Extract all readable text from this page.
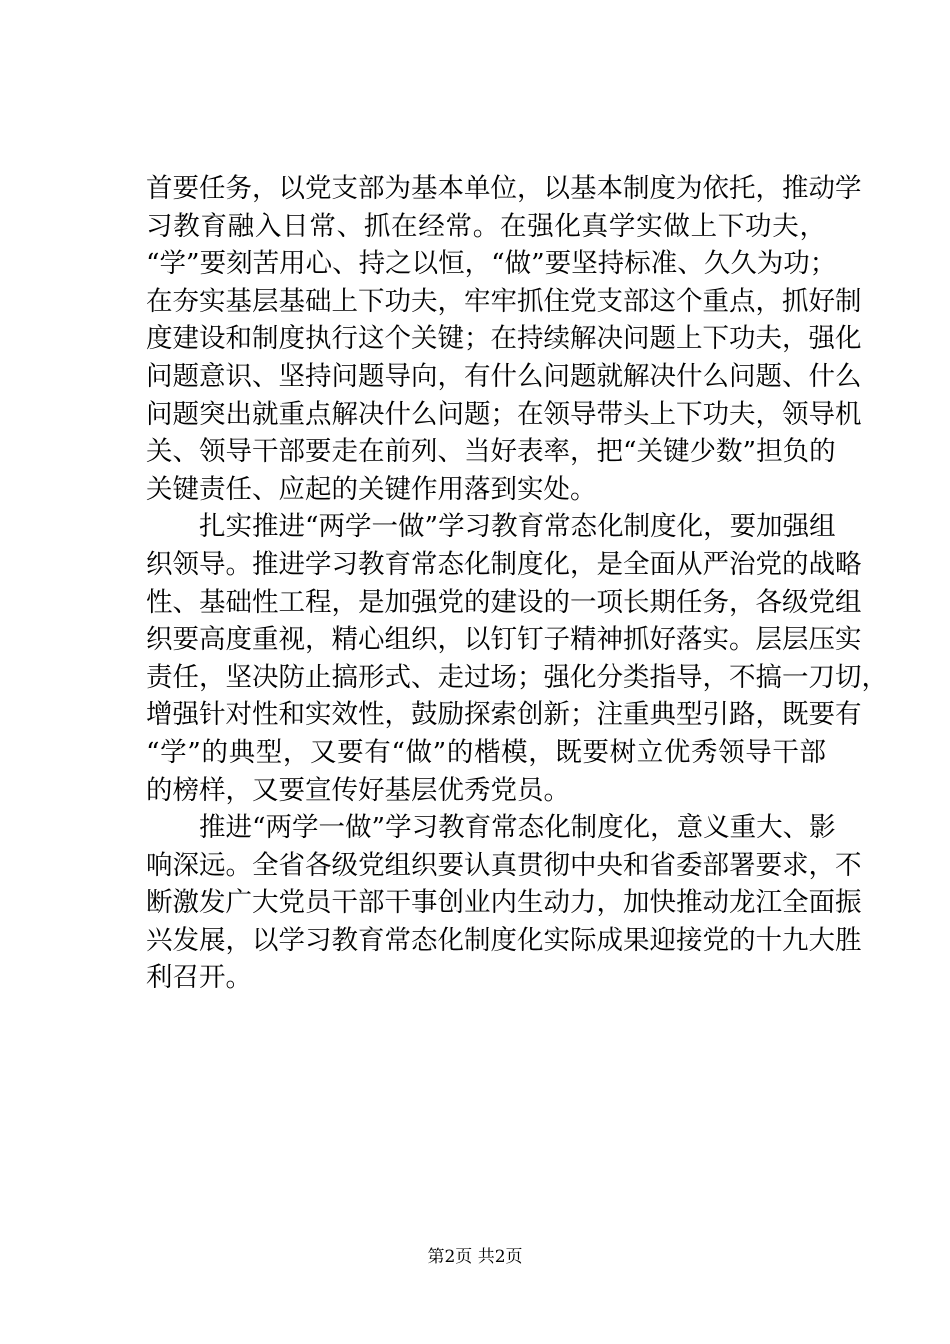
首要任务，以党支部为基本单位，以基本制度为依托，推动学
习教育融入日常、抓在经常。在强化真学实做上下功夫，
“学”要刻苦用心、持之以恒，“做”要坚持标准、久久为功；
在夯实基层基础上下功夫，牢牢抓住党支部这个重点，抓好制
度建设和制度执行这个关键；在持续解决问题上下功夫，强化
问题意识、坚持问题导向，有什么问题就解决什么问题、什么
问题突出就重点解决什么问题；在领导带头上下功夫，领导机
关、领导干部要走在前列、当好表率，把“关键少数”担负的
关键责任、应起的关键作用落到实处。
扎实推进“两学一做”学习教育常态化制度化，要加强组
织领导。推进学习教育常态化制度化，是全面从严治党的战略
性、基础性工程，是加强党的建设的一项长期任务，各级党组
织要高度重视，精心组织，以钉钉子精神抓好落实。层层压实
责任，坚决防止搞形式、走过场；强化分类指导，不搞一刀切，
增强针对性和实效性，鼓励探索创新；注重典型引路，既要有
“学”的典型，又要有“做”的楷模，既要树立优秀领导干部
的榜样，又要宣传好基层优秀党员。
推进“两学一做”学习教育常态化制度化，意义重大、影
响深远。全省各级党组织要认真贯彻中央和省委部署要求，不
断激发广大党员干部干事创业内生动力，加快推动龙江全面振
兴发展，以学习教育常态化制度化实际成果迎接党的十九大胜
利召开。
第2页 共2页
